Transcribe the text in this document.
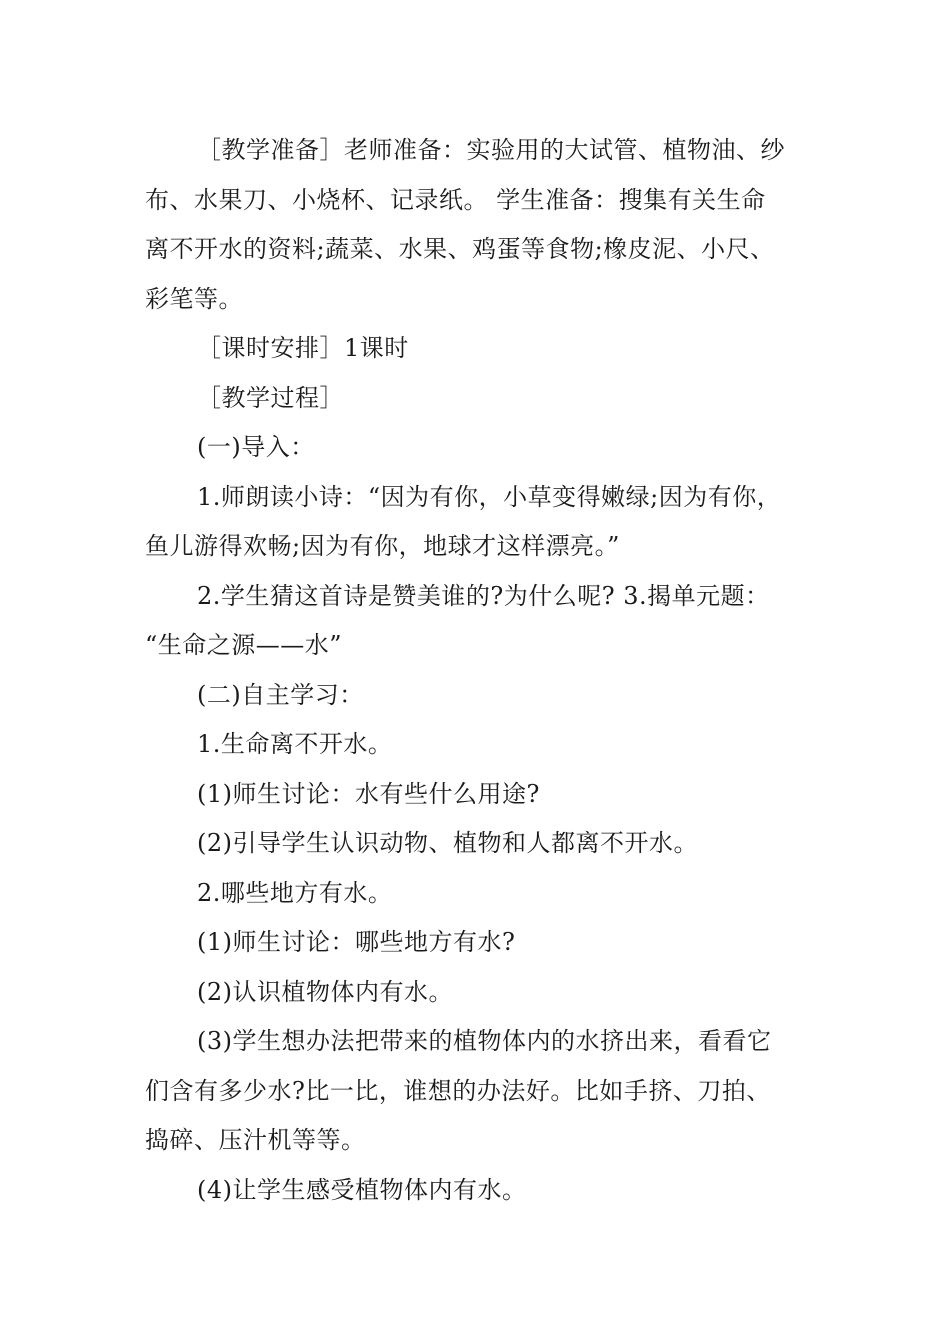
［教学准备］老师准备：实验用的大试管、植物油、纱
布、水果刀、小烧杯、记录纸。 学生准备：搜集有关生命
离不开水的资料;蔬菜、水果、鸡蛋等食物;橡皮泥、小尺、
彩笔等。

［课时安排］1课时

［教学过程］

(一)导入：

1.师朗读小诗：“因为有你，小草变得嫩绿;因为有你，
鱼儿游得欢畅;因为有你，地球才这样漂亮。”

2.学生猜这首诗是赞美谁的?为什么呢? 3.揭单元题：
“生命之源——水”

(二)自主学习：

1.生命离不开水。

(1)师生讨论：水有些什么用途?

(2)引导学生认识动物、植物和人都离不开水。

2.哪些地方有水。

(1)师生讨论：哪些地方有水?

(2)认识植物体内有水。

(3)学生想办法把带来的植物体内的水挤出来，看看它
们含有多少水?比一比，谁想的办法好。比如手挤、刀拍、
捣碎、压汁机等等。

(4)让学生感受植物体内有水。
